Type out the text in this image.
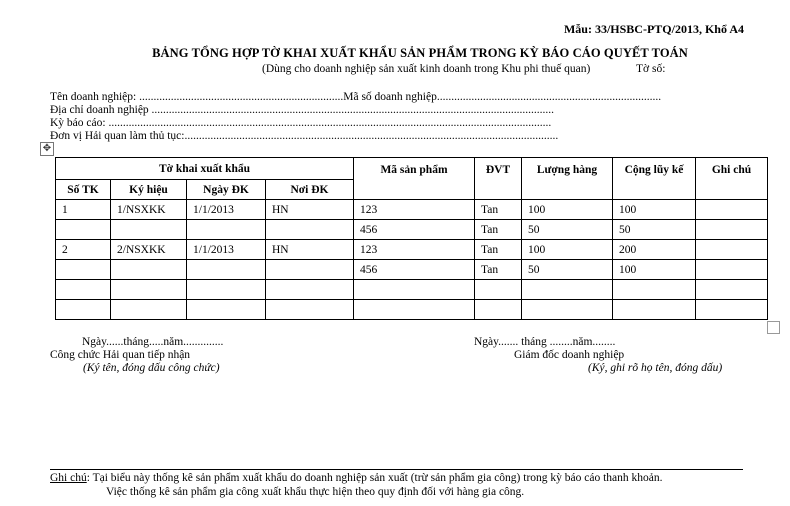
Mẫu: 33/HSBC-PTQ/2013, Khổ A4
BẢNG TỔNG HỢP TỜ KHAI XUẤT KHẨU SẢN PHẨM TRONG KỲ BÁO CÁO QUYẾT TOÁN
(Dùng cho doanh nghiệp sản xuất kinh doanh trong Khu phi thuế quan)	Tờ số:
Tên doanh nghiệp: .......................................................................Mã số doanh nghiệp..............................................................................
Địa chỉ doanh nghiệp ............................................................................................................................................
Kỳ báo cáo: ..........................................................................................................................................................
Đơn vị Hải quan làm thủ tục:..................................................................................................................................
✥
Tờ khai xuất khẩu				Mã sản phẩm	ĐVT	Lượng hàng	Cộng lũy kế	Ghi chú
Số TK	Ký hiệu	Ngày ĐK	Nơi ĐK					
1	1/NSXKK	1/1/2013	HN	123	Tan	100	100	
				456	Tan	50	50	
2	2/NSXKK	1/1/2013	HN	123	Tan	100	200	
				456	Tan	50	100	

Ngày......tháng.....năm..............
Công chức Hải quan tiếp nhận
(Ký tên, đóng dấu công chức)
Ngày....... tháng ........năm........
Giám đốc doanh nghiệp
(Ký, ghi rõ họ tên, đóng dấu)
Ghi chú: Tại biểu này thống kê sản phẩm xuất khẩu do doanh nghiệp sản xuất (trừ sản phẩm gia công) trong kỳ báo cáo thanh khoản.
Việc thống kê sản phẩm gia công xuất khẩu thực hiện theo quy định đối với hàng gia công.
